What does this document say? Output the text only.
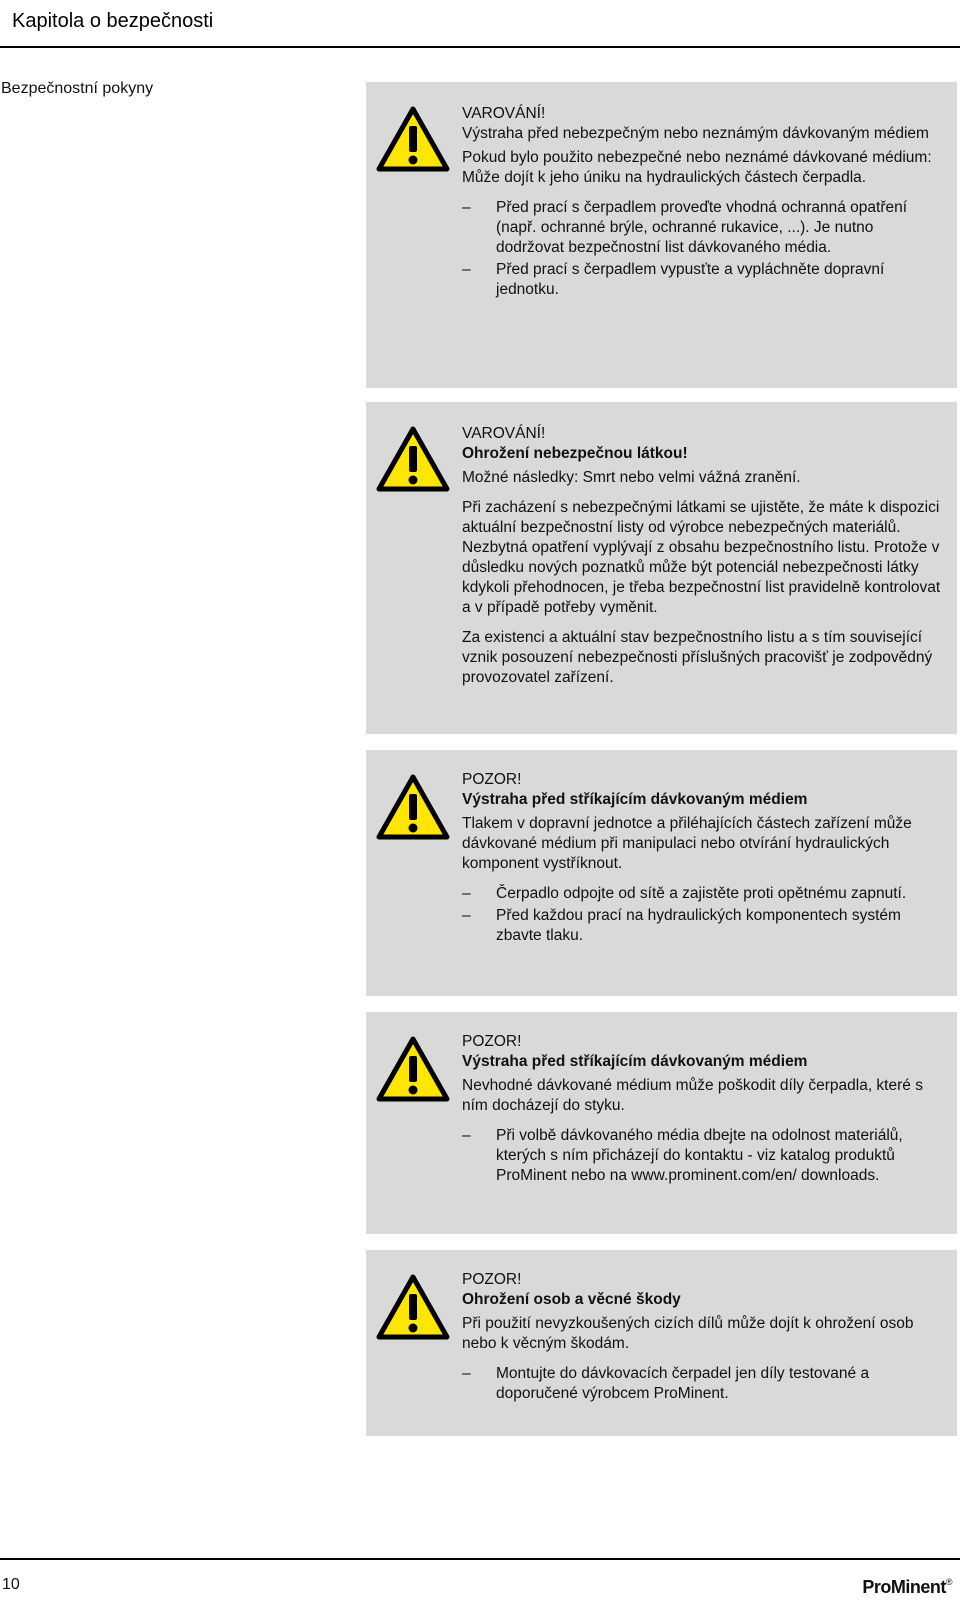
Kapitola o bezpečnosti
Bezpečnostní pokyny

VAROVÁNÍ!

Výstraha před nebezpečným nebo neznámým dávkovaným médiem

Pokud bylo použito nebezpečné nebo neznámé dávkované médium: Může dojít k jeho úniku na hydraulických částech čerpadla.

– Před prací s čerpadlem proveďte vhodná ochranná opatření (např. ochranné brýle, ochranné rukavice, ...). Je nutno dodržovat bezpečnostní list dávkovaného média.
– Před prací s čerpadlem vypusťte a vypláchněte dopravní jednotku.

VAROVÁNÍ!

Ohrožení nebezpečnou látkou!

Možné následky: Smrt nebo velmi vážná zranění.

Při zacházení s nebezpečnými látkami se ujistěte, že máte k dispozici aktuální bezpečnostní listy od výrobce nebezpečných materiálů. Nezbytná opatření vyplývají z obsahu bezpečnostního listu. Protože v důsledku nových poznatků může být potenciál nebezpečnosti látky kdykoli přehodnocen, je třeba bezpečnostní list pravidelně kontrolovat a v případě potřeby vyměnit.

Za existenci a aktuální stav bezpečnostního listu a s tím související vznik posouzení nebezpečnosti příslušných pracovišť je zodpovědný provozovatel zařízení.

POZOR!

Výstraha před stříkajícím dávkovaným médiem

Tlakem v dopravní jednotce a přiléhajících částech zařízení může dávkované médium při manipulaci nebo otvírání hydraulických komponent vystříknout.

– Čerpadlo odpojte od sítě a zajistěte proti opětnému zapnutí.
– Před každou prací na hydraulických komponentech systém zbavte tlaku.

POZOR!

Výstraha před stříkajícím dávkovaným médiem

Nevhodné dávkované médium může poškodit díly čerpadla, které s ním docházejí do styku.

– Při volbě dávkovaného média dbejte na odolnost materiálů, kterých s ním přicházejí do kontaktu - viz katalog produktů ProMinent nebo na www.prominent.com/en/ downloads.

POZOR!

Ohrožení osob a věcné škody

Při použití nevyzkoušených cizích dílů může dojít k ohrožení osob nebo k věcným škodám.

– Montujte do dávkovacích čerpadel jen díly testované a doporučené výrobcem ProMinent.
10	ProMinent®
